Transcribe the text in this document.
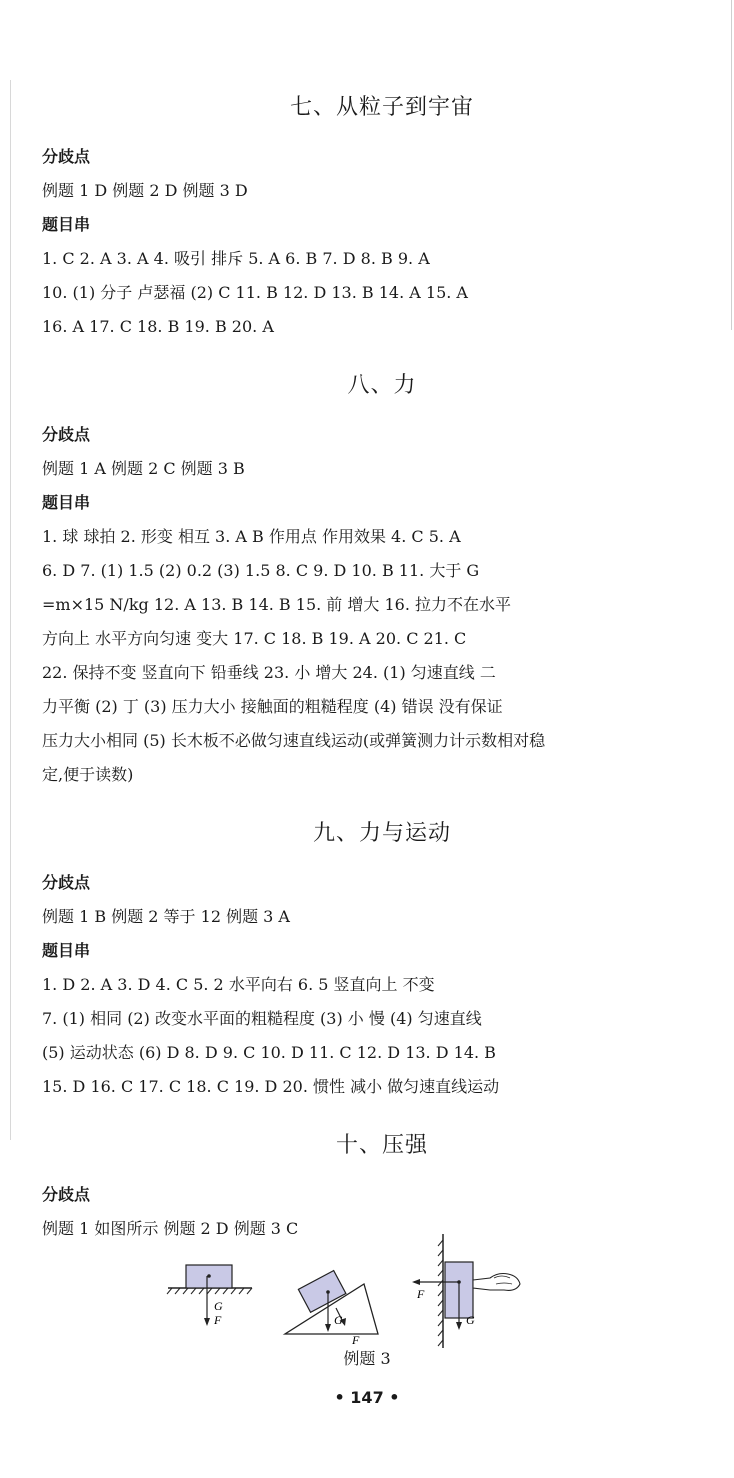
七、从粒子到宇宙
分歧点
例题 1 D 例题 2 D 例题 3 D
题目串
1. C 2. A 3. A 4. 吸引 排斥 5. A 6. B 7. D 8. B 9. A
10. (1) 分子 卢瑟福 (2) C 11. B 12. D 13. B 14. A 15. A
16. A 17. C 18. B 19. B 20. A
八、力
分歧点
例题 1 A 例题 2 C 例题 3 B
题目串
1. 球 球拍 2. 形变 相互 3. A B 作用点 作用效果 4. C 5. A
6. D 7. (1) 1.5 (2) 0.2 (3) 1.5 8. C 9. D 10. B 11. 大于 G
=m×15 N/kg 12. A 13. B 14. B 15. 前 增大 16. 拉力不在水平
方向上 水平方向匀速 变大 17. C 18. B 19. A 20. C 21. C
22. 保持不变 竖直向下 铅垂线 23. 小 增大 24. (1) 匀速直线 二
力平衡 (2) 丁 (3) 压力大小 接触面的粗糙程度 (4) 错误 没有保证
压力大小相同 (5) 长木板不必做匀速直线运动(或弹簧测力计示数相对稳
定,便于读数)
九、力与运动
分歧点
例题 1 B 例题 2 等于 12 例题 3 A
题目串
1. D 2. A 3. D 4. C 5. 2 水平向右 6. 5 竖直向上 不变
7. (1) 相同 (2) 改变水平面的粗糙程度 (3) 小 慢 (4) 匀速直线
(5) 运动状态 (6) D 8. D 9. C 10. D 11. C 12. D 13. D 14. B
15. D 16. C 17. C 18. C 19. D 20. 惯性 减小 做匀速直线运动
十、压强
分歧点
例题 1 如图所示 例题 2 D 例题 3 C
G
F	G
F
F
G
例题 3
• 147 •
